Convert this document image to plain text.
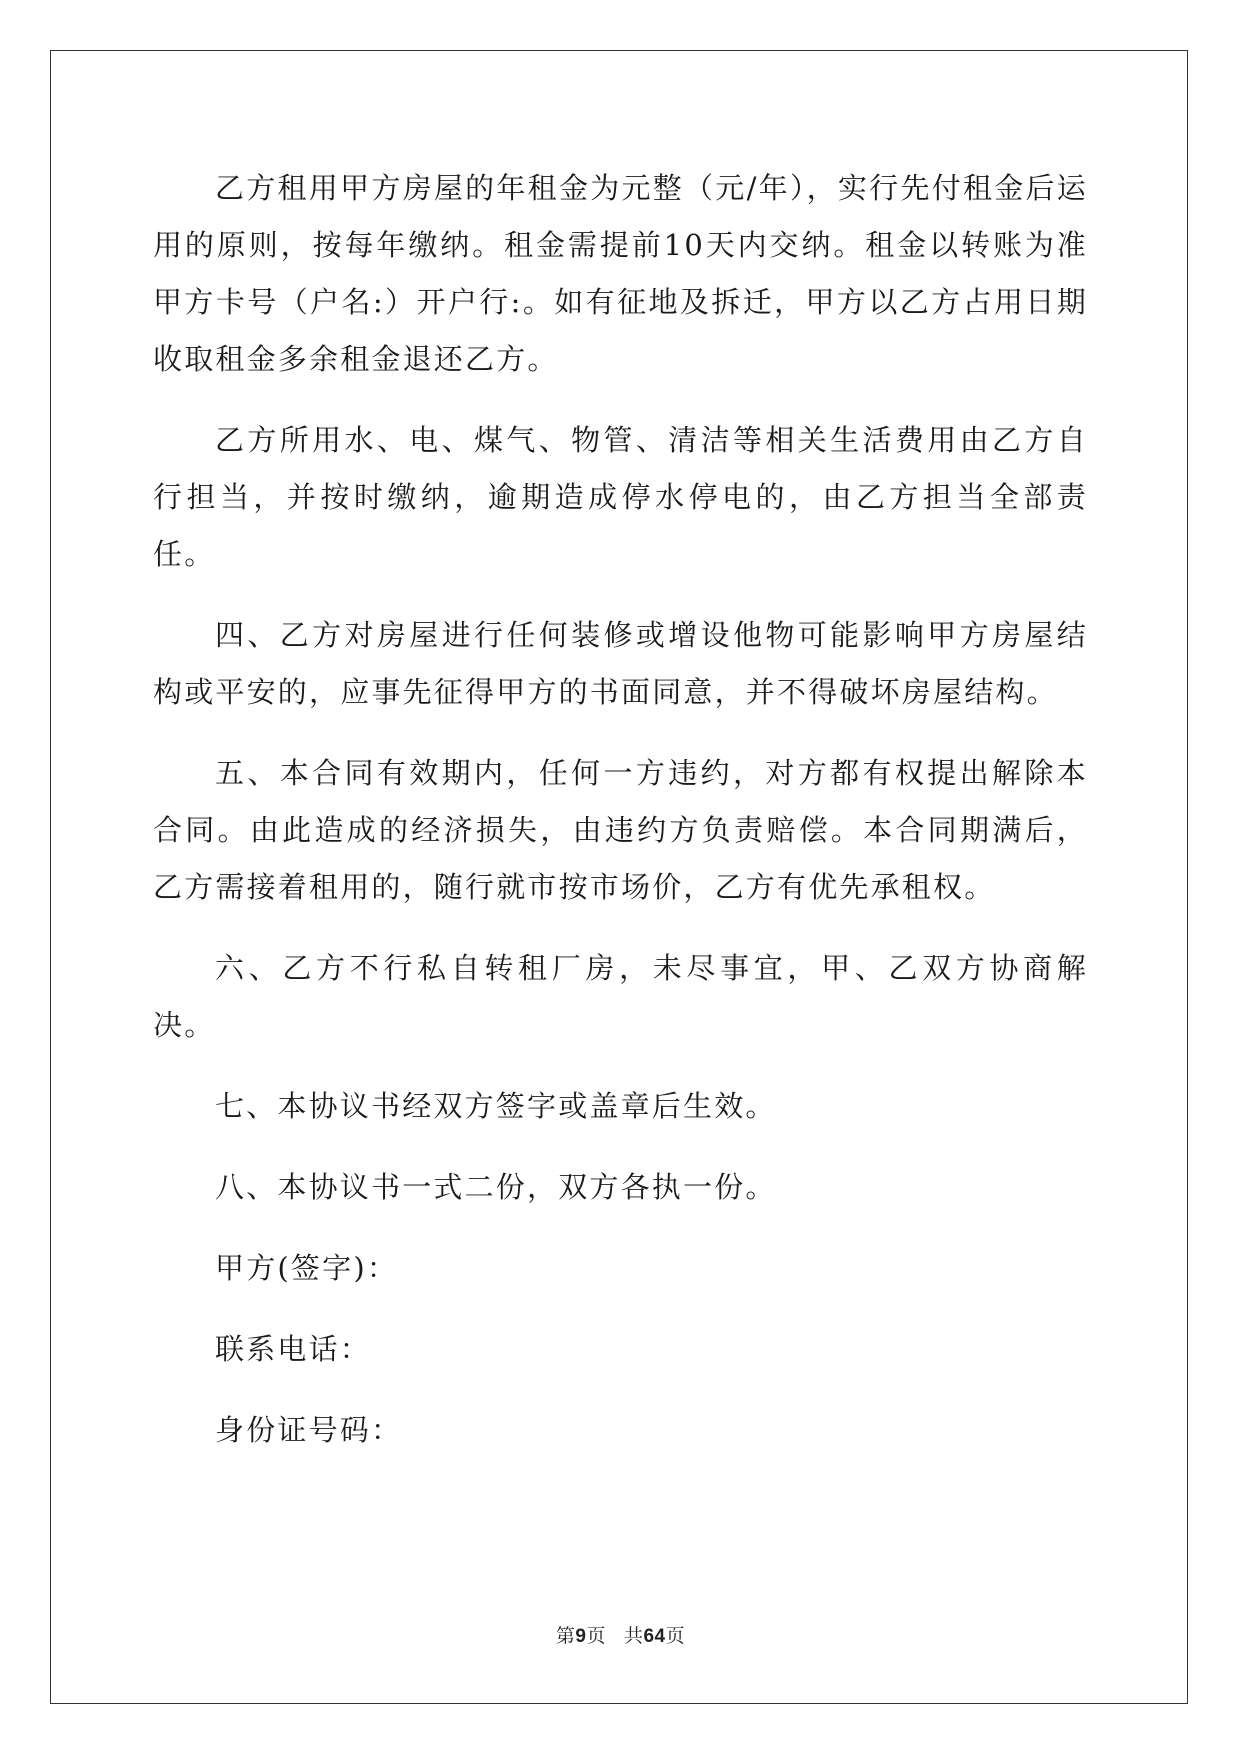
乙方租用甲方房屋的年租金为元整（元/年），实行先付租金后运用的原则，按每年缴纳。租金需提前10天内交纳。租金以转账为准甲方卡号（户名:）开户行:。如有征地及拆迁，甲方以乙方占用日期收取租金多余租金退还乙方。

乙方所用水、电、煤气、物管、清洁等相关生活费用由乙方自行担当，并按时缴纳，逾期造成停水停电的，由乙方担当全部责任。

四、乙方对房屋进行任何装修或增设他物可能影响甲方房屋结构或平安的，应事先征得甲方的书面同意，并不得破坏房屋结构。

五、本合同有效期内，任何一方违约，对方都有权提出解除本合同。由此造成的经济损失，由违约方负责赔偿。本合同期满后，乙方需接着租用的，随行就市按市场价，乙方有优先承租权。

六、乙方不行私自转租厂房，未尽事宜，甲、乙双方协商解决。

七、本协议书经双方签字或盖章后生效。

八、本协议书一式二份，双方各执一份。

甲方(签字)：

联系电话：

身份证号码：

第9页 共64页
